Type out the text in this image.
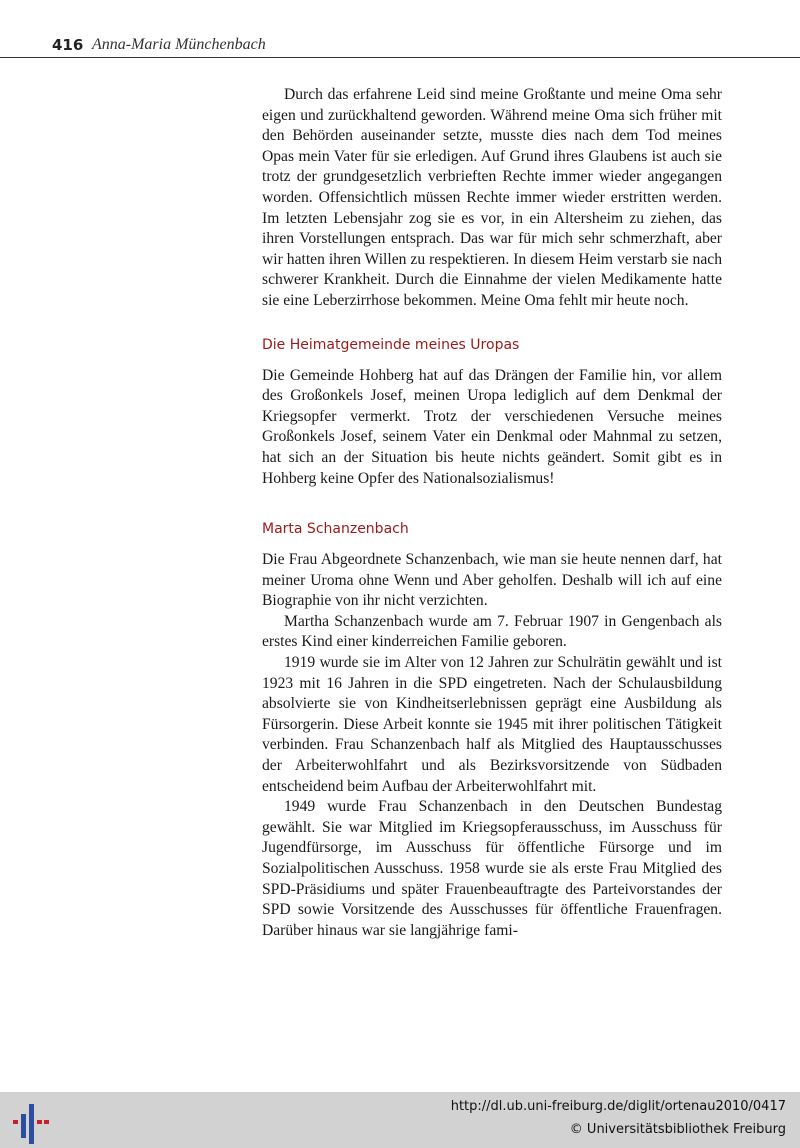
416 Anna-Maria Münchenbach

Durch das erfahrene Leid sind meine Großtante und meine Oma sehr eigen und zurückhaltend geworden. Während meine Oma sich früher mit den Behörden auseinander setzte, musste dies nach dem Tod meines Opas mein Vater für sie erledigen. Auf Grund ihres Glaubens ist auch sie trotz der grundgesetzlich verbrieften Rechte immer wieder angegangen worden. Offensichtlich müssen Rechte immer wieder erstritten werden. Im letzten Lebensjahr zog sie es vor, in ein Altersheim zu ziehen, das ihren Vorstellungen entsprach. Das war für mich sehr schmerzhaft, aber wir hatten ihren Willen zu respektieren. In diesem Heim verstarb sie nach schwerer Krankheit. Durch die Einnahme der vielen Medikamente hatte sie eine Leberzirrhose bekommen. Meine Oma fehlt mir heute noch.

Die Heimatgemeinde meines Uropas

Die Gemeinde Hohberg hat auf das Drängen der Familie hin, vor allem des Großonkels Josef, meinen Uropa lediglich auf dem Denkmal der Kriegsopfer vermerkt. Trotz der verschiedenen Versuche meines Großonkels Josef, seinem Vater ein Denkmal oder Mahnmal zu setzen, hat sich an der Situation bis heute nichts geändert. Somit gibt es in Hohberg keine Opfer des Nationalsozialismus!

Marta Schanzenbach

Die Frau Abgeordnete Schanzenbach, wie man sie heute nennen darf, hat meiner Uroma ohne Wenn und Aber geholfen. Deshalb will ich auf eine Biographie von ihr nicht verzichten.

Martha Schanzenbach wurde am 7. Februar 1907 in Gengenbach als erstes Kind einer kinderreichen Familie geboren.

1919 wurde sie im Alter von 12 Jahren zur Schulrätin gewählt und ist 1923 mit 16 Jahren in die SPD eingetreten. Nach der Schulausbildung absolvierte sie von Kindheitserlebnissen geprägt eine Ausbildung als Fürsorgerin. Diese Arbeit konnte sie 1945 mit ihrer politischen Tätigkeit verbinden. Frau Schanzenbach half als Mitglied des Hauptausschusses der Arbeiterwohlfahrt und als Bezirksvorsitzende von Südbaden entscheidend beim Aufbau der Arbeiterwohlfahrt mit.

1949 wurde Frau Schanzenbach in den Deutschen Bundestag gewählt. Sie war Mitglied im Kriegsopferausschuss, im Ausschuss für Jugendfürsorge, im Ausschuss für öffentliche Fürsorge und im Sozialpolitischen Ausschuss. 1958 wurde sie als erste Frau Mitglied des SPD-Präsidiums und später Frauenbeauftragte des Parteivorstandes der SPD sowie Vorsitzende des Ausschusses für öffentliche Frauenfragen. Darüber hinaus war sie langjährige fami-

http://dl.ub.uni-freiburg.de/diglit/ortenau2010/0417
© Universitätsbibliothek Freiburg
